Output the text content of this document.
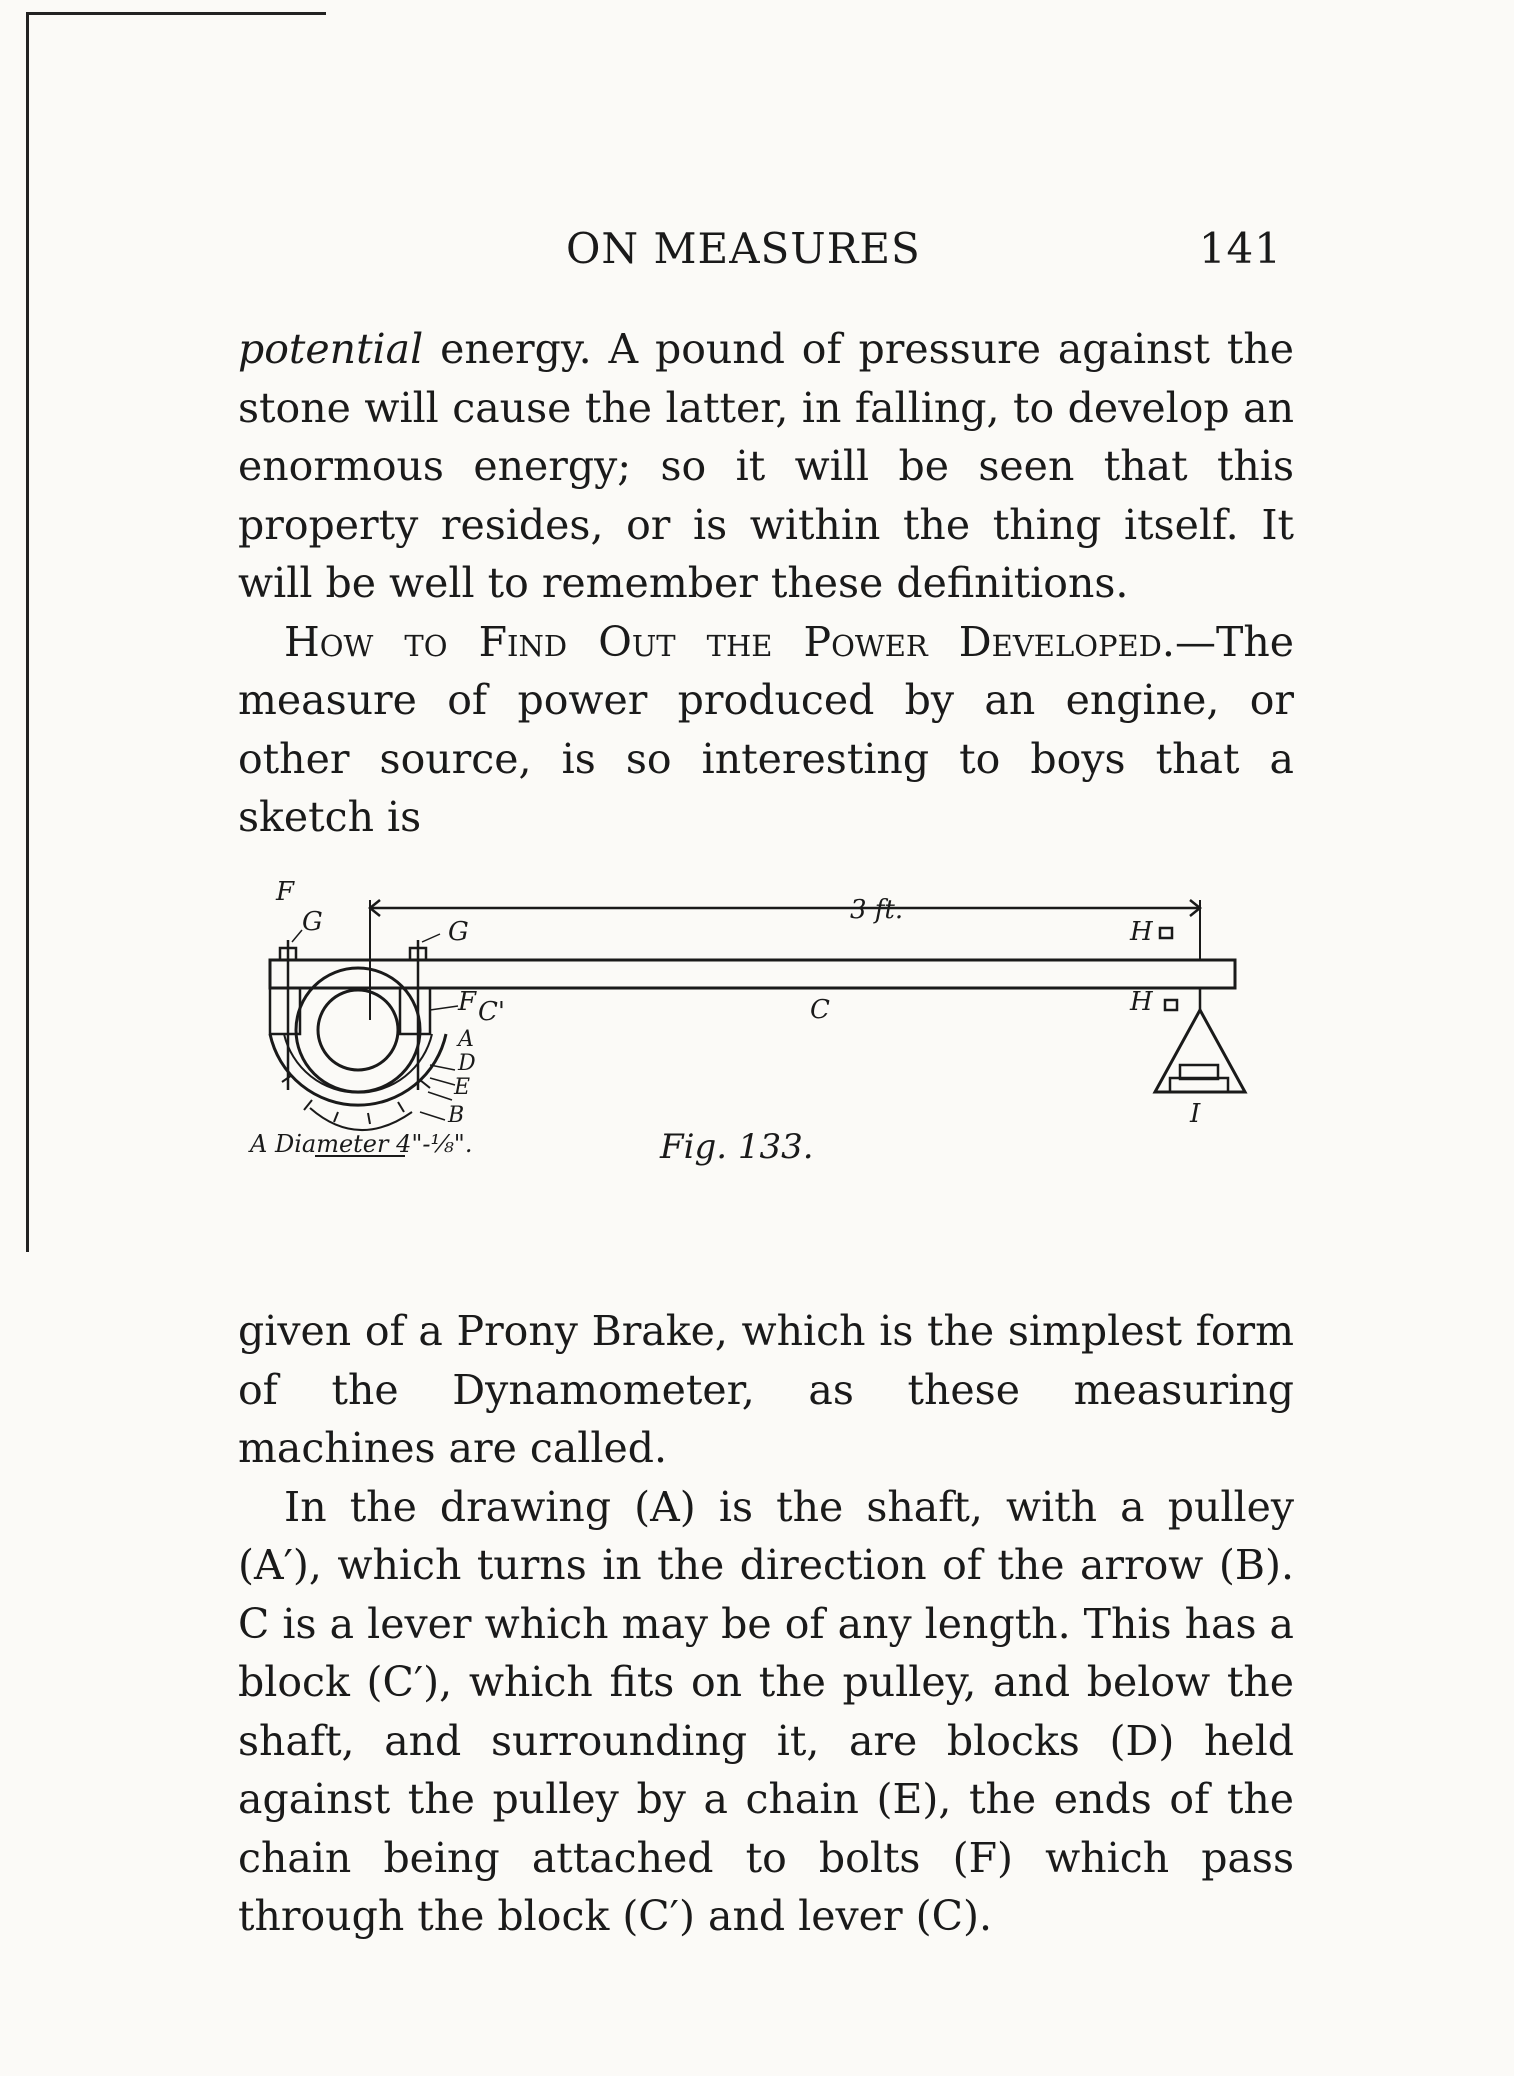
ON MEASURES	141

potential energy. A pound of pressure against the stone will cause the latter, in falling, to develop an enormous energy; so it will be seen that this property resides, or is within the thing itself. It will be well to remember these definitions.

How to Find Out the Power Developed.—The measure of power produced by an engine, or other source, is so interesting to boys that a sketch is

3 ft.
F
G	G	H
H
C
F C'
A
D
E
B	I
A Diameter 4"-⅛".	Fig. 133.

given of a Prony Brake, which is the simplest form of the Dynamometer, as these measuring machines are called.

In the drawing (A) is the shaft, with a pulley (A′), which turns in the direction of the arrow (B). C is a lever which may be of any length. This has a block (C′), which fits on the pulley, and below the shaft, and surrounding it, are blocks (D) held against the pulley by a chain (E), the ends of the chain being attached to bolts (F) which pass through the block (C′) and lever (C).
